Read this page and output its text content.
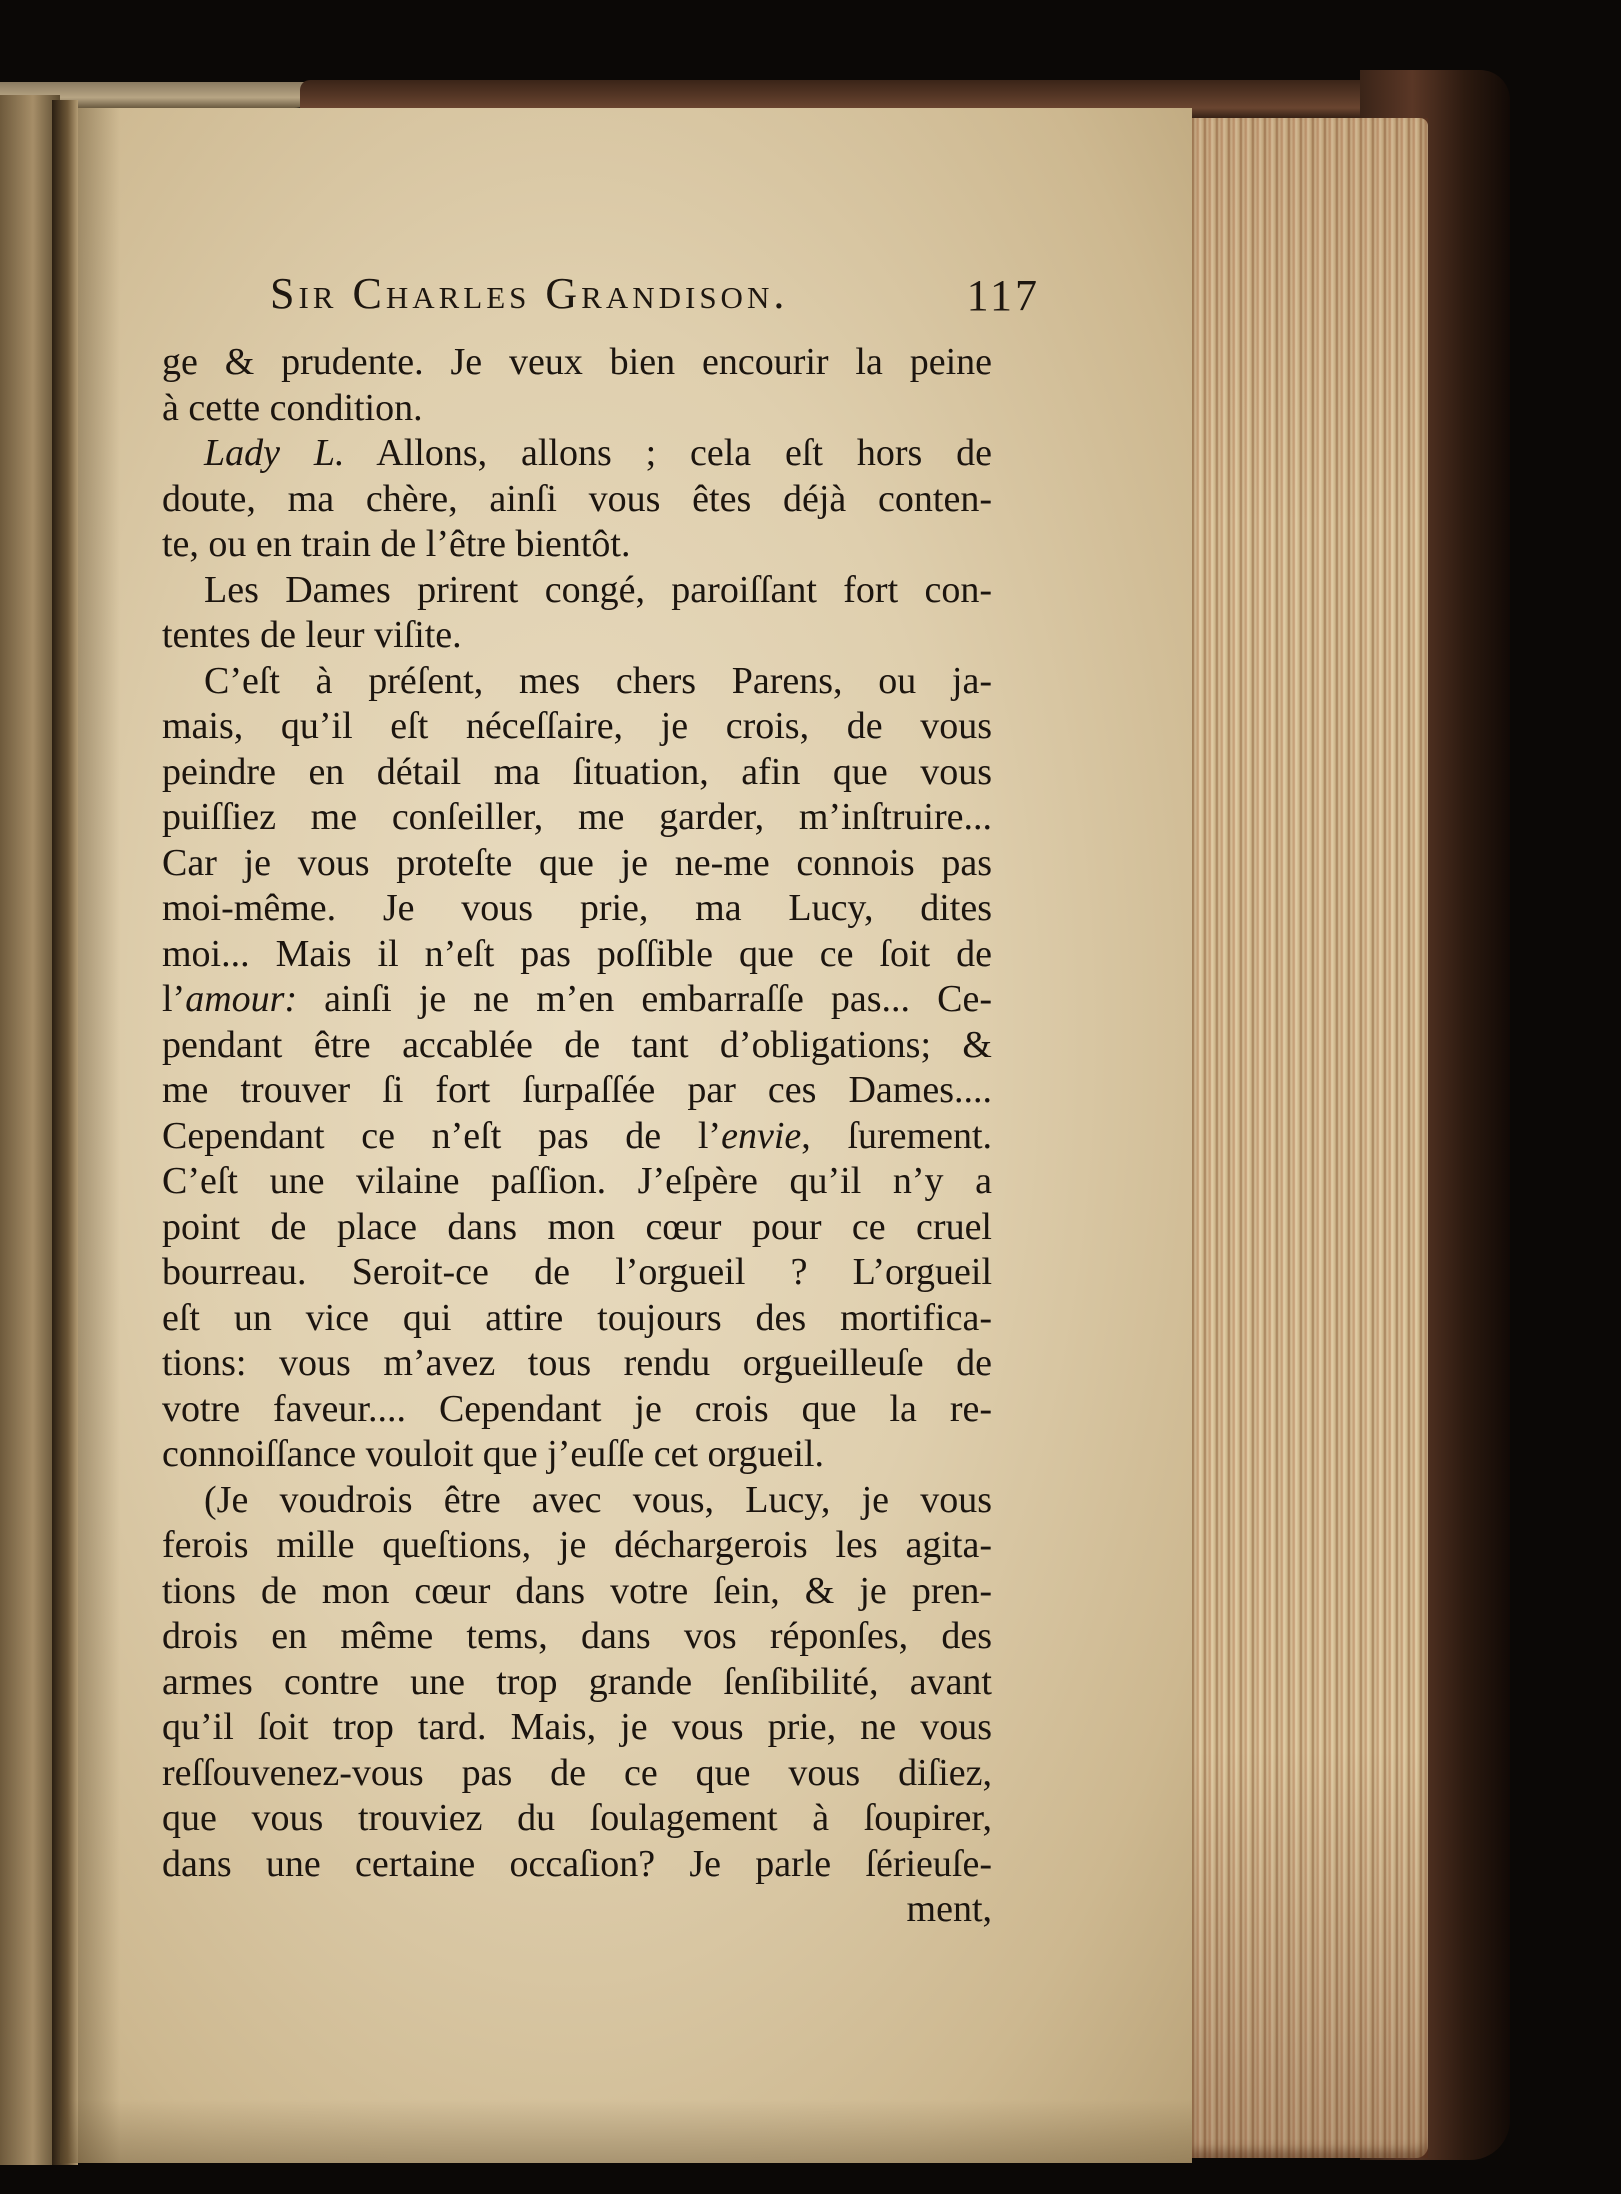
Sir Charles Grandison.	117
ge & prudente. Je veux bien encourir la peine
à cette condition.
Lady L. Allons, allons ; cela eſt hors de
doute, ma chère, ainſi vous êtes déjà conten-
te, ou en train de l’être bientôt.
Les Dames prirent congé, paroiſſant fort con-
tentes de leur viſite.
C’eſt à préſent, mes chers Parens, ou ja-
mais, qu’il eſt néceſſaire, je crois, de vous
peindre en détail ma ſituation, afin que vous
puiſſiez me conſeiller, me garder, m’inſtruire...
Car je vous proteſte que je ne-me connois pas
moi-même. Je vous prie, ma Lucy, dites
moi... Mais il n’eſt pas poſſible que ce ſoit de
l’amour: ainſi je ne m’en embarraſſe pas... Ce-
pendant être accablée de tant d’obligations; &
me trouver ſi fort ſurpaſſée par ces Dames....
Cependant ce n’eſt pas de l’envie, ſurement.
C’eſt une vilaine paſſion. J’eſpère qu’il n’y a
point de place dans mon cœur pour ce cruel
bourreau. Seroit-ce de l’orgueil ? L’orgueil
eſt un vice qui attire toujours des mortifica-
tions: vous m’avez tous rendu orgueilleuſe de
votre faveur.... Cependant je crois que la re-
connoiſſance vouloit que j’euſſe cet orgueil.
(Je voudrois être avec vous, Lucy, je vous
ferois mille queſtions, je déchargerois les agita-
tions de mon cœur dans votre ſein, & je pren-
drois en même tems, dans vos réponſes, des
armes contre une trop grande ſenſibilité, avant
qu’il ſoit trop tard. Mais, je vous prie, ne vous
reſſouvenez-vous pas de ce que vous diſiez,
que vous trouviez du ſoulagement à ſoupirer,
dans une certaine occaſion? Je parle ſérieuſe-
ment,
